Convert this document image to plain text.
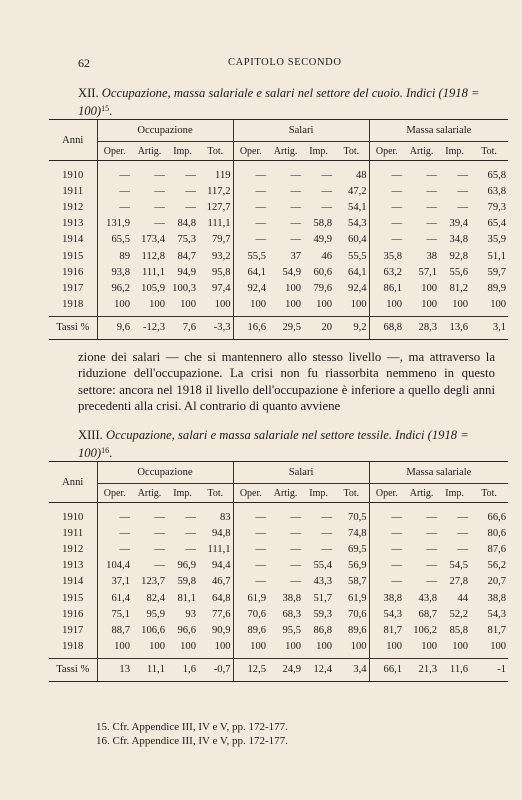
62	CAPITOLO SECONDO
XII. Occupazione, massa salariale e salari nel settore del cuoio. Indici (1918 = 100)$^{15}$.
Anni	Occupazione				Salari				Massa salariale			
	Oper.	Artig.	Imp.	Tot.	Oper.	Artig.	Imp.	Tot.	Oper.	Artig.	Imp.	Tot.
1910	—	—	—	119	—	—	—	48	—	—	—	65,8
1911	—	—	—	117,2	—	—	—	47,2	—	—	—	63,8
1912	—	—	—	127,7	—	—	—	54,1	—	—	—	79,3
1913	131,9	—	84,8	111,1	—	—	58,8	54,3	—	—	39,4	65,4
1914	65,5	173,4	75,3	79,7	—	—	49,9	60,4	—	—	34,8	35,9
1915	89	112,8	84,7	93,2	55,5	37	46	55,5	35,8	38	92,8	51,1
1916	93,8	111,1	94,9	95,8	64,1	54,9	60,6	64,1	63,2	57,1	55,6	59,7
1917	96,2	105,9	100,3	97,4	92,4	100	79,6	92,4	86,1	100	81,2	89,9
1918	100	100	100	100	100	100	100	100	100	100	100	100
Tassi %	9,6	-12,3	7,6	-3,3	16,6	29,5	20	9,2	68,8	28,3	13,6	3,1

zione dei salari — che si mantennero allo stesso livello —, ma attraverso la riduzione dell'occupazione. La crisi non fu riassorbita nemmeno in questo settore: ancora nel 1918 il livello dell'occupazione è inferiore a quello degli anni precedenti alla crisi. Al contrario di quanto avviene

XIII. Occupazione, salari e massa salariale nel settore tessile. Indici (1918 = 100)$^{16}$.
Anni	Occupazione				Salari				Massa salariale			
	Oper.	Artig.	Imp.	Tot.	Oper.	Artig.	Imp.	Tot.	Oper.	Artig.	Imp.	Tot.
1910	—	—	—	83	—	—	—	70,5	—	—	—	66,6
1911	—	—	—	94,8	—	—	—	74,8	—	—	—	80,6
1912	—	—	—	111,1	—	—	—	69,5	—	—	—	87,6
1913	104,4	—	96,9	94,4	—	—	55,4	56,9	—	—	54,5	56,2
1914	37,1	123,7	59,8	46,7	—	—	43,3	58,7	—	—	27,8	20,7
1915	61,4	82,4	81,1	64,8	61,9	38,8	51,7	61,9	38,8	43,8	44	38,8
1916	75,1	95,9	93	77,6	70,6	68,3	59,3	70,6	54,3	68,7	52,2	54,3
1917	88,7	106,6	96,6	90,9	89,6	95,5	86,8	89,6	81,7	106,2	85,8	81,7
1918	100	100	100	100	100	100	100	100	100	100	100	100
Tassi %	13	11,1	1,6	-0,7	12,5	24,9	12,4	3,4	66,1	21,3	11,6	-1

15. Cfr. Appendice III, IV e V, pp. 172-177.
16. Cfr. Appendice III, IV e V, pp. 172-177.
